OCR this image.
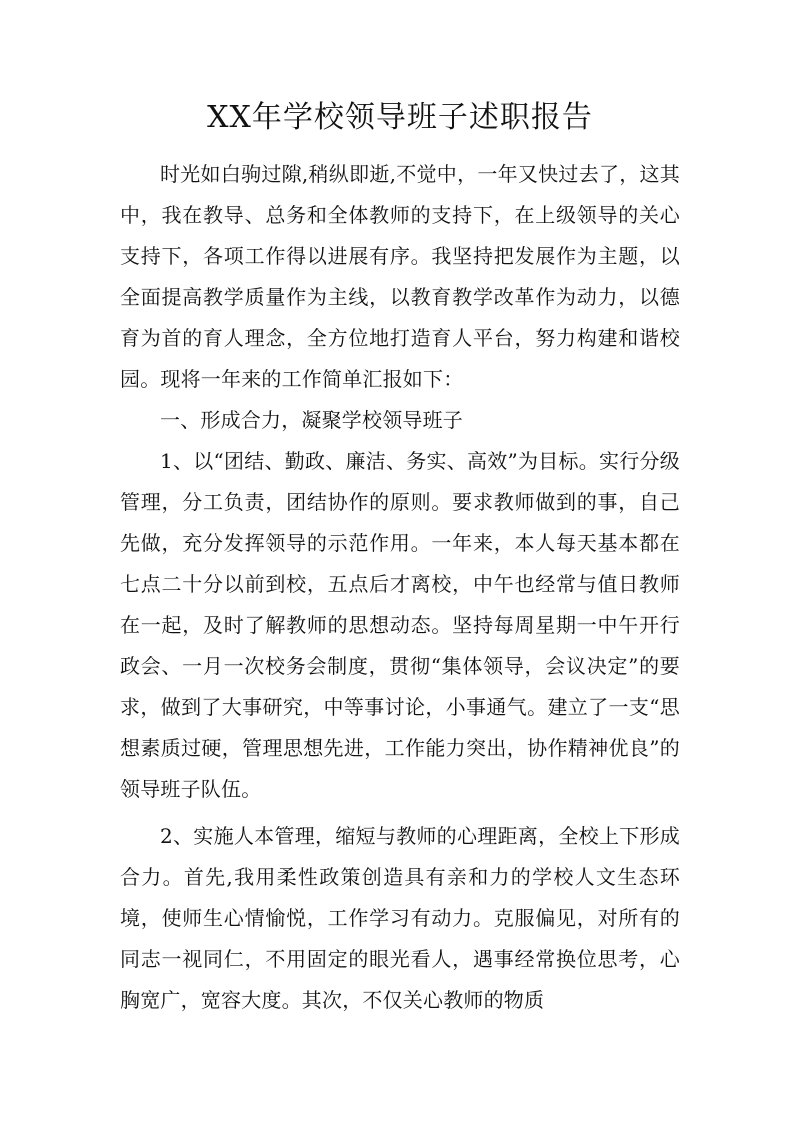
XX年学校领导班子述职报告

时光如白驹过隙,稍纵即逝,不觉中，一年又快过去了，这其中，我在教导、总务和全体教师的支持下，在上级领导的关心支持下，各项工作得以进展有序。我坚持把发展作为主题，以全面提高教学质量作为主线，以教育教学改革作为动力，以德育为首的育人理念，全方位地打造育人平台，努力构建和谐校园。现将一年来的工作简单汇报如下：

一、形成合力，凝聚学校领导班子

1、以“团结、勤政、廉洁、务实、高效”为目标。实行分级管理，分工负责，团结协作的原则。要求教师做到的事，自己先做，充分发挥领导的示范作用。一年来，本人每天基本都在七点二十分以前到校，五点后才离校，中午也经常与值日教师在一起，及时了解教师的思想动态。坚持每周星期一中午开行政会、一月一次校务会制度，贯彻“集体领导，会议决定”的要求，做到了大事研究，中等事讨论，小事通气。建立了一支“思想素质过硬，管理思想先进，工作能力突出，协作精神优良”的领导班子队伍。

2、实施人本管理，缩短与教师的心理距离，全校上下形成合力。首先,我用柔性政策创造具有亲和力的学校人文生态环境，使师生心情愉悦，工作学习有动力。克服偏见，对所有的同志一视同仁，不用固定的眼光看人，遇事经常换位思考，心胸宽广，宽容大度。其次，不仅关心教师的物质
